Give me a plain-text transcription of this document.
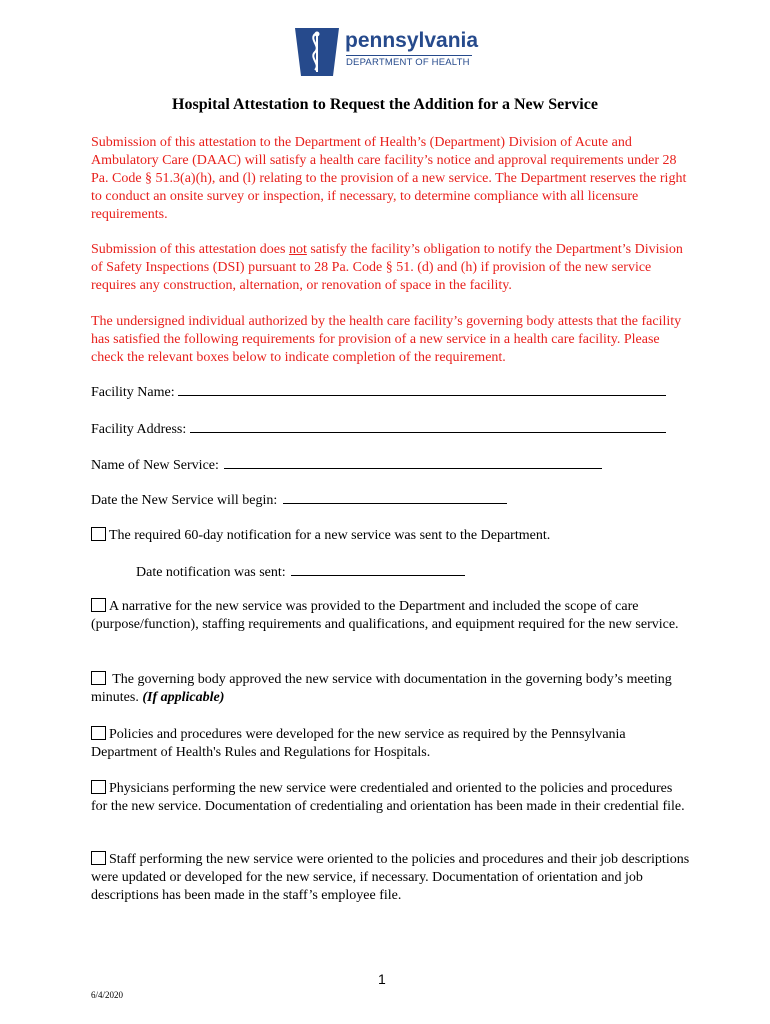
pennsylvania
DEPARTMENT OF HEALTH
Hospital Attestation to Request the Addition for a New Service
Submission of this attestation to the Department of Health’s (Department) Division of Acute and Ambulatory Care (DAAC) will satisfy a health care facility’s notice and approval requirements under 28 Pa. Code § 51.3(a)(h), and (l) relating to the provision of a new service. The Department reserves the right to conduct an onsite survey or inspection, if necessary, to determine compliance with all licensure requirements.
Submission of this attestation does not satisfy the facility’s obligation to notify the Department’s Division of Safety Inspections (DSI) pursuant to 28 Pa. Code § 51. (d) and (h) if provision of the new service requires any construction, alternation, or renovation of space in the facility.
The undersigned individual authorized by the health care facility’s governing body attests that the facility has satisfied the following requirements for provision of a new service in a health care facility. Please check the relevant boxes below to indicate completion of the requirement.
Facility Name:
Facility Address:
Name of New Service:
Date the New Service will begin:
The required 60-day notification for a new service was sent to the Department.
Date notification was sent:
A narrative for the new service was provided to the Department and included the scope of care (purpose/function), staffing requirements and qualifications, and equipment required for the new service.
The governing body approved the new service with documentation in the governing body’s meeting minutes. (If applicable)
Policies and procedures were developed for the new service as required by the Pennsylvania Department of Health's Rules and Regulations for Hospitals.
Physicians performing the new service were credentialed and oriented to the policies and procedures for the new service. Documentation of credentialing and orientation has been made in their credential file.
Staff performing the new service were oriented to the policies and procedures and their job descriptions were updated or developed for the new service, if necessary. Documentation of orientation and job descriptions has been made in the staff’s employee file.
1
6/4/2020
